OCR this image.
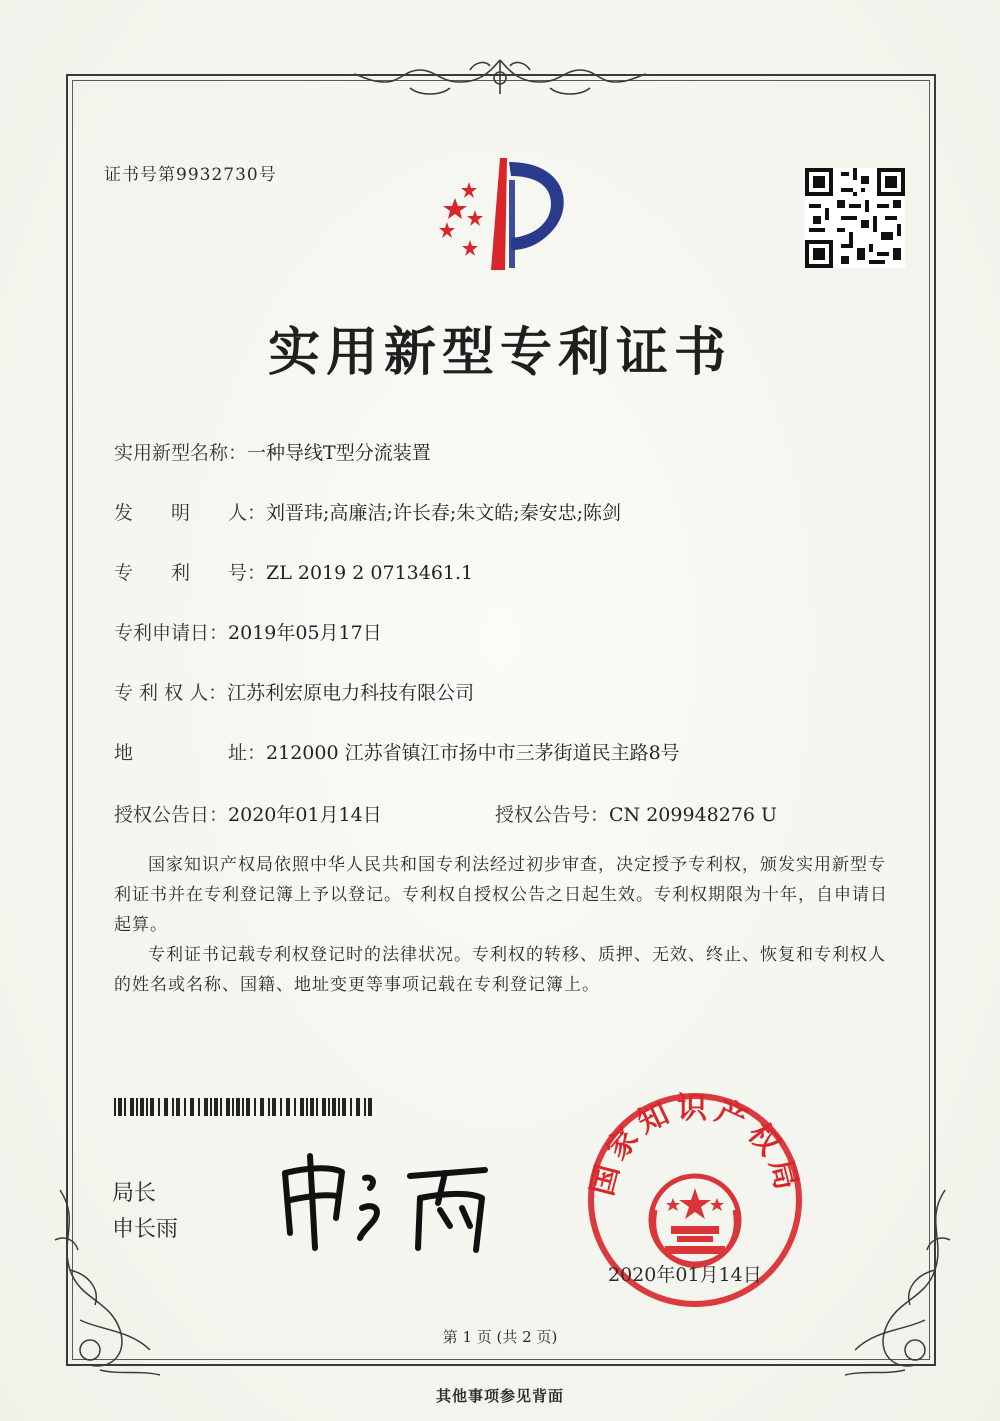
证书号第9932730号
实用新型专利证书
实用新型名称：一种导线T型分流装置
发　　明　　人：刘晋玮;高廉洁;许长春;朱文皓;秦安忠;陈剑
专　　利　　号：ZL 2019 2 0713461.1
专利申请日：2019年05月17日
专 利 权 人：江苏利宏原电力科技有限公司
地　　　　　址：212000 江苏省镇江市扬中市三茅街道民主路8号
授权公告日：2020年01月14日	授权公告号：CN 209948276 U
国家知识产权局依照中华人民共和国专利法经过初步审查，决定授予专利权，颁发实用新型专利证书并在专利登记簿上予以登记。专利权自授权公告之日起生效。专利权期限为十年，自申请日起算。
专利证书记载专利权登记时的法律状况。专利权的转移、质押、无效、终止、恢复和专利权人的姓名或名称、国籍、地址变更等事项记载在专利登记簿上。
局长
申长雨
国家知识产权局
2020年01月14日
第 1 页 (共 2 页)
其他事项参见背面
